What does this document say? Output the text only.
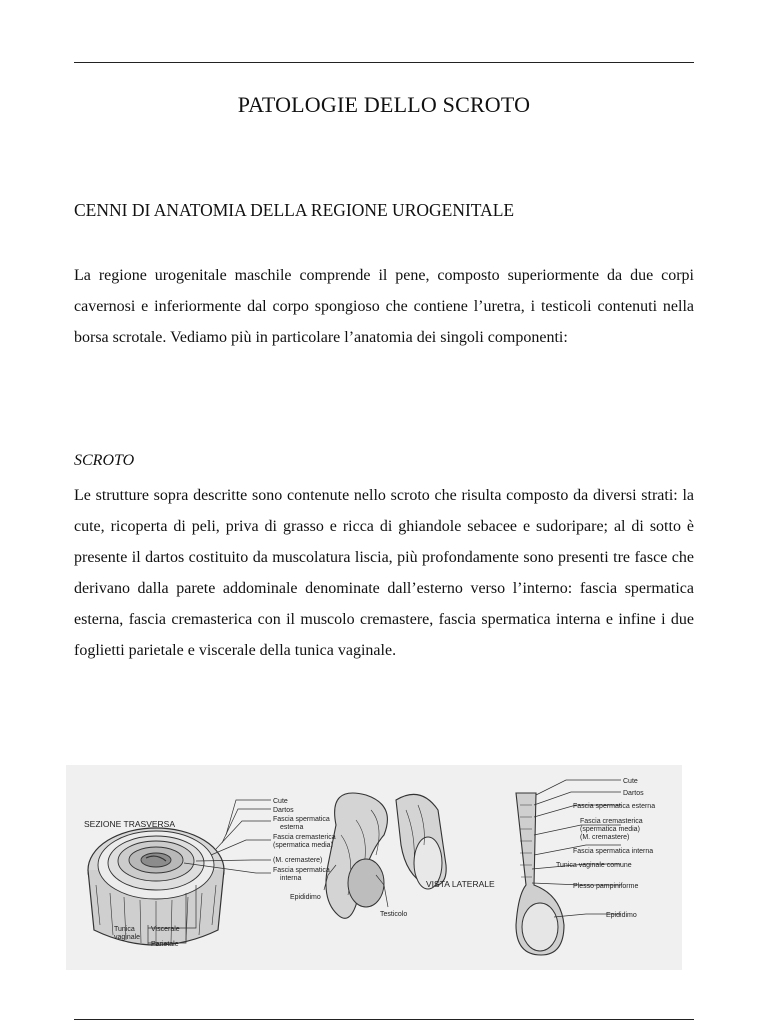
PATOLOGIE DELLO SCROTO
CENNI DI ANATOMIA DELLA REGIONE UROGENITALE

La regione urogenitale maschile comprende il pene, composto superiormente da due corpi cavernosi e inferiormente dal corpo spongioso che contiene l’uretra, i testicoli contenuti nella borsa scrotale. Vediamo più in particolare l’anatomia dei singoli componenti:

SCROTO

Le strutture sopra descritte sono contenute nello scroto che risulta composto da diversi strati: la cute, ricoperta di peli, priva di grasso e ricca di ghiandole sebacee e sudoripare; al di sotto è presente il dartos costituito da muscolatura liscia, più profondamente sono presenti tre fasce che derivano dalla parete addominale denominate dall’esterno verso l’interno: fascia spermatica esterna, fascia cremasterica con il muscolo cremastere, fascia spermatica interna e infine i due foglietti parietale e viscerale della tunica vaginale.

SEZIONE TRASVERSA
Cute
Dartos
Fascia spermatica
esterna
Fascia cremasterica
(spermatica media)
(M. cremastere)
Fascia spermatica
interna
Epididimo
Testicolo
Tunica
vaginale
Viscerale
Parietale
VISTA LATERALE
Cute
Dartos
Fascia spermatica esterna
Fascia cremasterica
(spermatica media)
(M. cremastere)
Fascia spermatica interna
Tunica vaginale comune
Plesso pampiniforme
Epididimo
